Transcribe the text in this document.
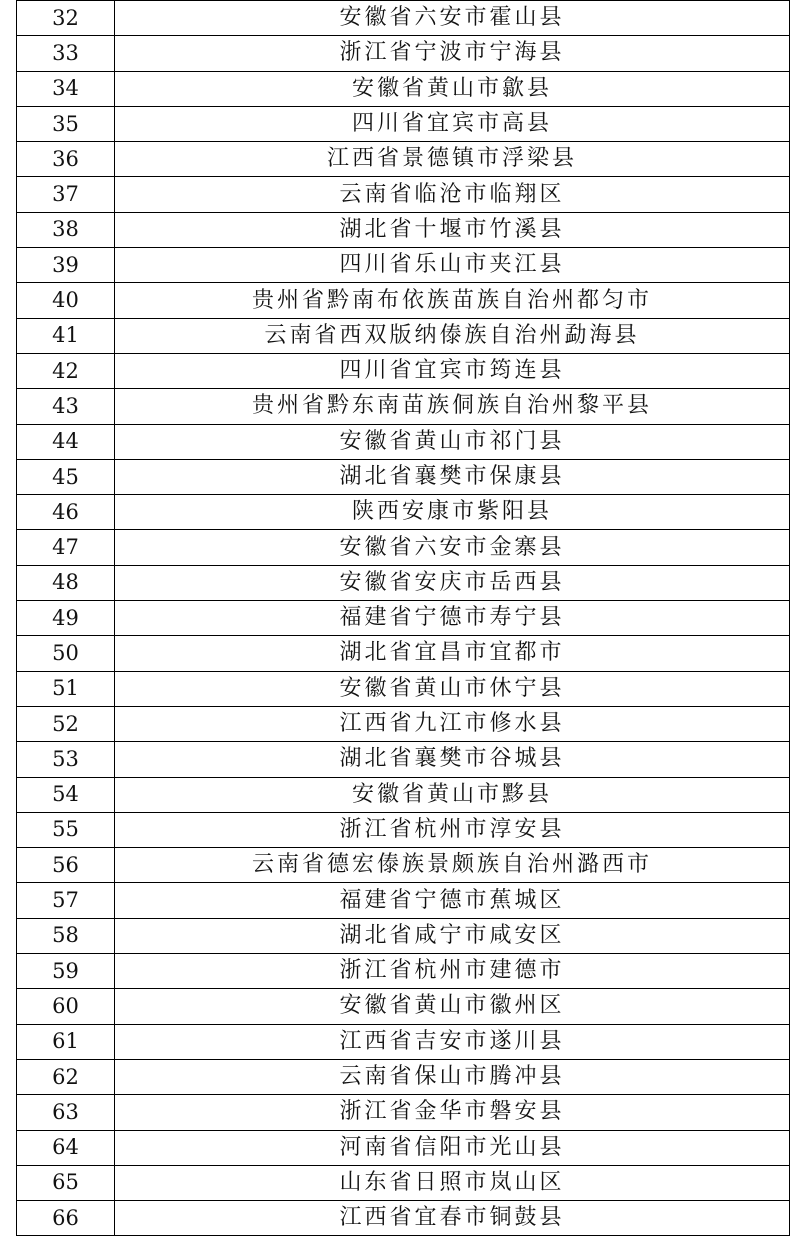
32	安徽省六安市霍山县
33	浙江省宁波市宁海县
34	安徽省黄山市歙县
35	四川省宜宾市高县
36	江西省景德镇市浮梁县
37	云南省临沧市临翔区
38	湖北省十堰市竹溪县
39	四川省乐山市夹江县
40	贵州省黔南布依族苗族自治州都匀市
41	云南省西双版纳傣族自治州勐海县
42	四川省宜宾市筠连县
43	贵州省黔东南苗族侗族自治州黎平县
44	安徽省黄山市祁门县
45	湖北省襄樊市保康县
46	陕西安康市紫阳县
47	安徽省六安市金寨县
48	安徽省安庆市岳西县
49	福建省宁德市寿宁县
50	湖北省宜昌市宜都市
51	安徽省黄山市休宁县
52	江西省九江市修水县
53	湖北省襄樊市谷城县
54	安徽省黄山市黟县
55	浙江省杭州市淳安县
56	云南省德宏傣族景颇族自治州潞西市
57	福建省宁德市蕉城区
58	湖北省咸宁市咸安区
59	浙江省杭州市建德市
60	安徽省黄山市徽州区
61	江西省吉安市遂川县
62	云南省保山市腾冲县
63	浙江省金华市磐安县
64	河南省信阳市光山县
65	山东省日照市岚山区
66	江西省宜春市铜鼓县
